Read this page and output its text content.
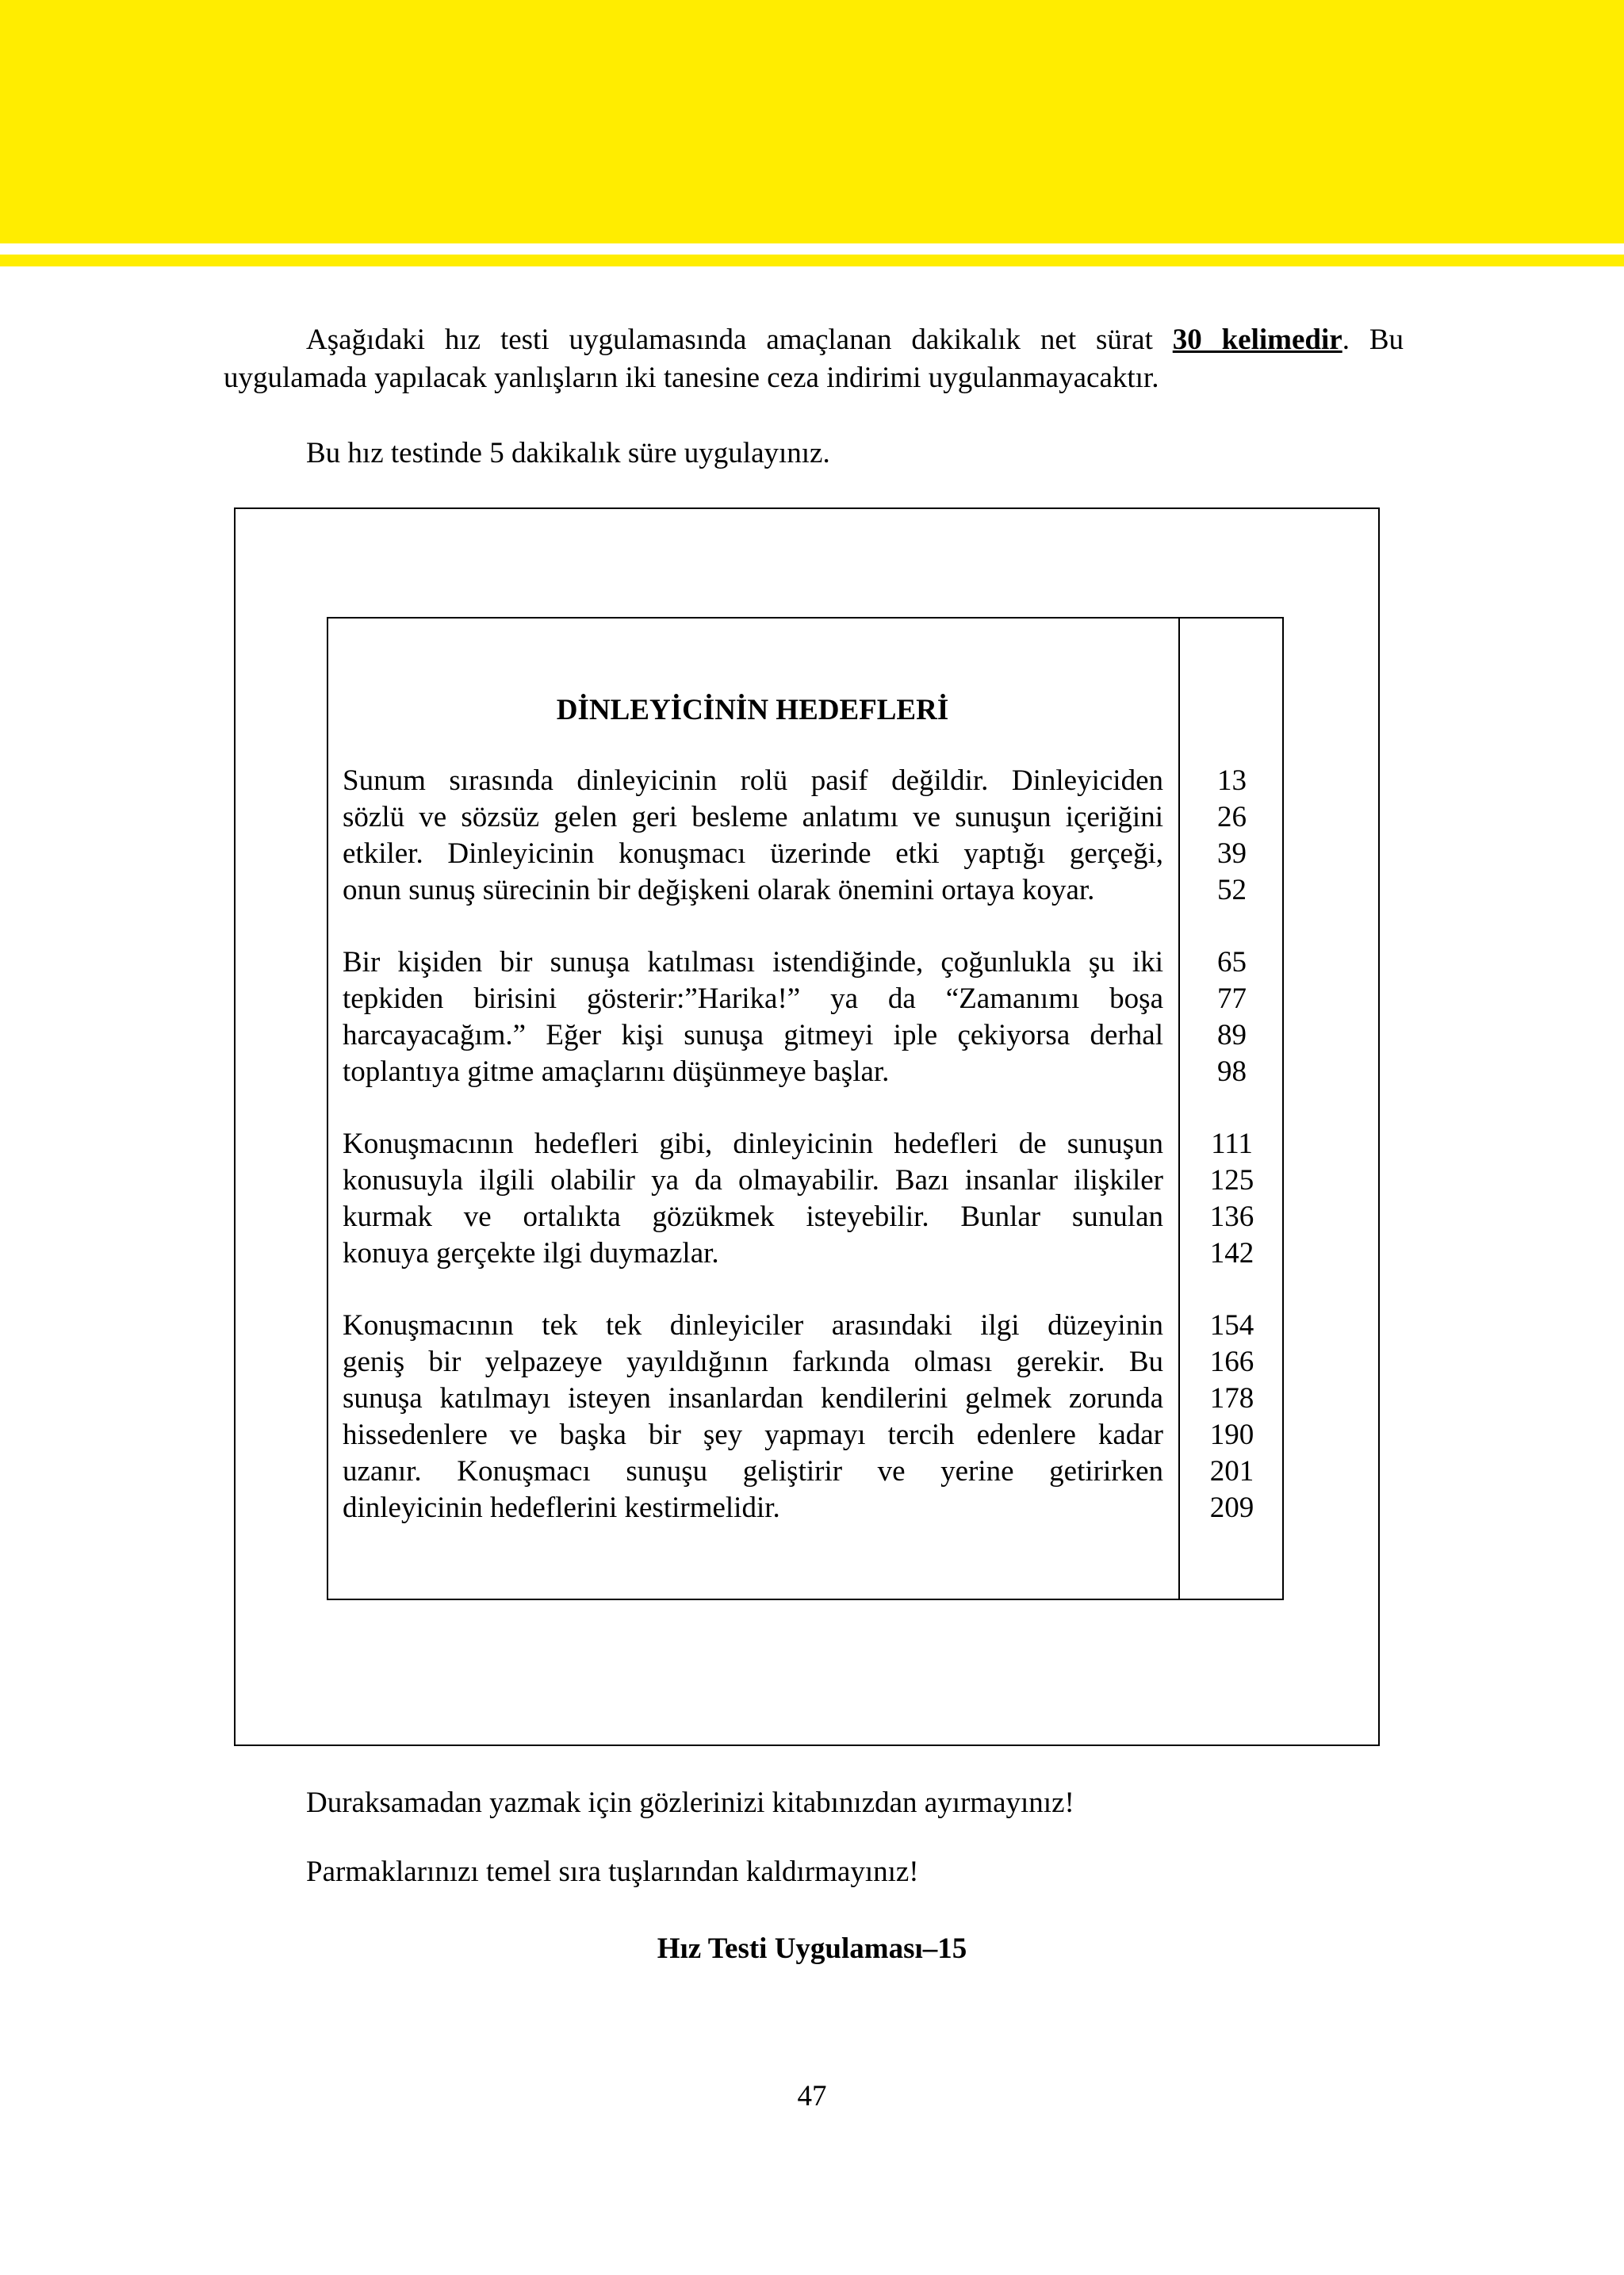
Aşağıdaki hız testi uygulamasında amaçlanan dakikalık net sürat 30 kelimedir. Bu uygulamada yapılacak yanlışların iki tanesine ceza indirimi uygulanmayacaktır.
Bu hız testinde 5 dakikalık süre uygulayınız.
DİNLEYİCİNİN HEDEFLERİ
Sunum sırasında dinleyicinin rolü pasif değildir. Dinleyiciden
sözlü ve sözsüz gelen geri besleme anlatımı ve sunuşun içeriğini
etkiler. Dinleyicinin konuşmacı üzerinde etki yaptığı gerçeği,
onun sunuş sürecinin bir değişkeni olarak önemini ortaya koyar.
13
26
39
52
Bir kişiden bir sunuşa katılması istendiğinde, çoğunlukla şu iki
tepkiden birisini gösterir:”Harika!” ya da “Zamanımı boşa
harcayacağım.” Eğer kişi sunuşa gitmeyi iple çekiyorsa derhal
toplantıya gitme amaçlarını düşünmeye başlar.
65
77
89
98
Konuşmacının hedefleri gibi, dinleyicinin hedefleri de sunuşun
konusuyla ilgili olabilir ya da olmayabilir. Bazı insanlar ilişkiler
kurmak ve ortalıkta gözükmek isteyebilir. Bunlar sunulan
konuya gerçekte ilgi duymazlar.
111
125
136
142
Konuşmacının tek tek dinleyiciler arasındaki ilgi düzeyinin
geniş bir yelpazeye yayıldığının farkında olması gerekir. Bu
sunuşa katılmayı isteyen insanlardan kendilerini gelmek zorunda
hissedenlere ve başka bir şey yapmayı tercih edenlere kadar
uzanır. Konuşmacı sunuşu geliştirir ve yerine getirirken
dinleyicinin hedeflerini kestirmelidir.
154
166
178
190
201
209
Duraksamadan yazmak için gözlerinizi kitabınızdan ayırmayınız!
Parmaklarınızı temel sıra tuşlarından kaldırmayınız!
Hız Testi Uygulaması–15
47
